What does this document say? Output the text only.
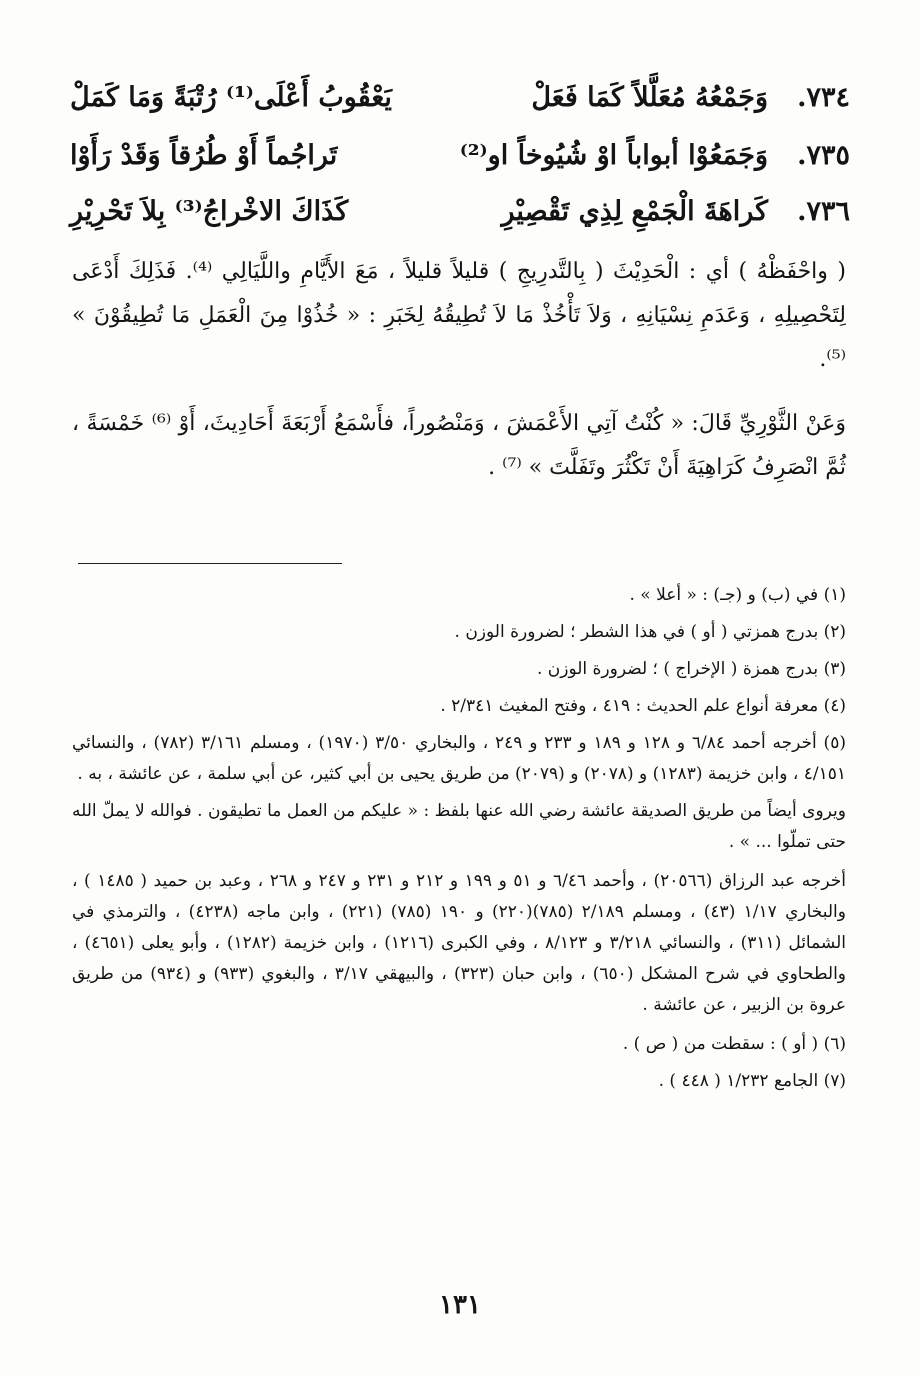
٧٣٤.
وَجَمْعُهُ مُعَلَّلاً كَمَا فَعَلْ
يَعْقُوبُ أَعْلَى⁽¹⁾ رُتْبَةً وَمَا كَمَلْ
٧٣٥.
وَجَمَعُوْا أبواباً اوْ شُيُوخاً او⁽²⁾
تَراجُماً أَوْ طُرُقاً وَقَدْ رَأَوْا
٧٣٦.
كَراهَةَ الْجَمْعِ لِذِي تَقْصِيْرِ
كَذَاكَ الاخْراجُ⁽³⁾ بِلاَ تَحْرِيْرِ

( واحْفَظْهُ ) أي : الْحَدِيْثَ ( بِالتَّدرِيجِ ) قليلاً قليلاً ، مَعَ الأَيَّامِ واللَّيَالِي ⁽⁴⁾. فَذَلِكَ أَدْعَى لِتَحْصِيلِهِ ، وَعَدَمِ نِسْيَانِهِ ، وَلاَ تَأْخُذْ مَا لاَ تُطِيقُهُ لِخَبَرِ : « خُذُوْا مِنَ الْعَمَلِ مَا تُطِيقُوْنَ » ⁽⁵⁾.

وَعَنْ الثَّوْرِيِّ قَالَ: « كُنْتُ آتِي الأَعْمَشَ ، وَمَنْصُوراً، فأَسْمَعُ أَرْبَعَةَ أَحَادِيثَ، أَوْ ⁽⁶⁾ خَمْسَةً ، ثُمَّ انْصَرِفُ كَرَاهِيَةَ أَنْ تَكْثُرَ وتَفَلَّتَ » ⁽⁷⁾ .

(١) في (ب) و (جـ) : « أعلا » .

(٢) بدرج همزتي ( أو ) في هذا الشطر ؛ لضرورة الوزن .

(٣) بدرج همزة ( الإخراج ) ؛ لضرورة الوزن .

(٤) معرفة أنواع علم الحديث : ٤١٩ ، وفتح المغيث ٢/٣٤١ .

(٥) أخرجه أحمد ٦/٨٤ و ١٢٨ و ١٨٩ و ٢٣٣ و ٢٤٩ ، والبخاري ٣/٥٠ (١٩٧٠) ، ومسلم ٣/١٦١ (٧٨٢) ، والنسائي ٤/١٥١ ، وابن خزيمة (١٢٨٣) و (٢٠٧٨) و (٢٠٧٩) من طريق يحيى بن أبي كثير، عن أبي سلمة ، عن عائشة ، به .

ويروى أيضاً من طريق الصديقة عائشة رضي الله عنها بلفظ : « عليكم من العمل ما تطيقون . فوالله لا يملّ الله حتى تملّوا ... » .

أخرجه عبد الرزاق (٢٠٥٦٦) ، وأحمد ٦/٤٦ و ٥١ و ١٩٩ و ٢١٢ و ٢٣١ و ٢٤٧ و ٢٦٨ ، وعبد بن حميد ( ١٤٨٥ ) ، والبخاري ١/١٧ (٤٣) ، ومسلم ٢/١٨٩ (٧٨٥)(٢٢٠) و ١٩٠ (٧٨٥) (٢٢١) ، وابن ماجه (٤٢٣٨) ، والترمذي في الشمائل (٣١١) ، والنسائي ٣/٢١٨ و ٨/١٢٣ ، وفي الكبرى (١٢١٦) ، وابن خزيمة (١٢٨٢) ، وأبو يعلى (٤٦٥١) ، والطحاوي في شرح المشكل (٦٥٠) ، وابن حبان (٣٢٣) ، والبيهقي ٣/١٧ ، والبغوي (٩٣٣) و (٩٣٤) من طريق عروة بن الزبير ، عن عائشة .

(٦) ( أو ) : سقطت من ( ص ) .

(٧) الجامع ١/٢٣٢ ( ٤٤٨ ) .

١٣١
